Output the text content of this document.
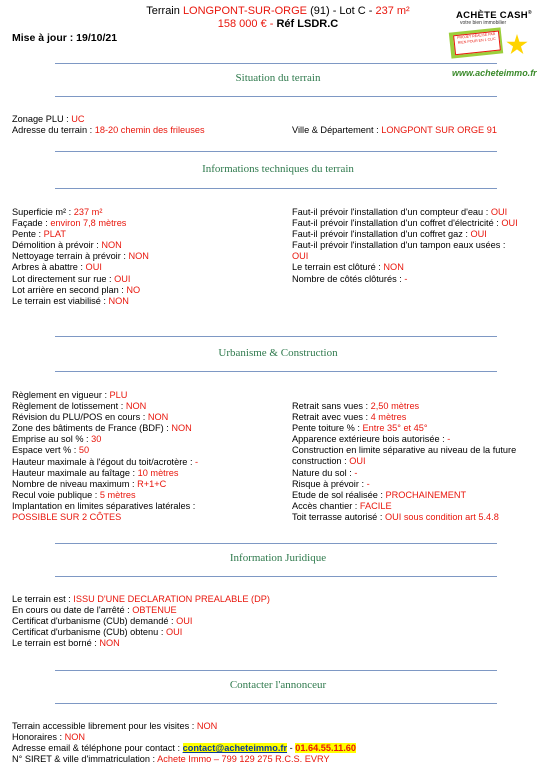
Terrain LONGPONT-SUR-ORGE (91) - Lot C - 237 m²
158 000 € - Réf LSDR.C
Mise à jour : 19/10/21
ACHÈTE CASH®
votre bien immobilier
PROJET RÉALISÉ PAR RIEN POUR EN 1 CLIC
www.acheteimmo.fr
Situation du terrain
Zonage PLU : UC
Adresse du terrain : 18-20 chemin des frileuses	Ville & Département : LONGPONT SUR ORGE 91
Informations techniques du terrain
Superficie m² : 237 m²
Façade : environ 7,8 mètres
Pente : PLAT
Démolition à prévoir : NON
Nettoyage terrain à prévoir : NON
Arbres à abattre : OUI
Lot directement sur rue : OUI
Lot arrière en second plan : NO
Le terrain est viabilisé : NON
Faut-il prévoir l'installation d'un compteur d'eau : OUI
Faut-il prévoir l'installation d'un coffret d'électricité : OUI
Faut-il prévoir l'installation d'un coffret gaz : OUI
Faut-il prévoir l'installation d'un tampon eaux usées :
OUI
Le terrain est clôturé : NON
Nombre de côtés clôturés : -
Urbanisme & Construction
Règlement en vigueur : PLU
Règlement de lotissement : NON
Révision du PLU/POS en cours : NON
Zone des bâtiments de France (BDF) : NON
Emprise au sol % : 30
Espace vert % : 50
Hauteur maximale à l'égout du toit/acrotère : -
Hauteur maximale au faîtage : 10 mètres
Nombre de niveau maximum : R+1+C
Recul voie publique : 5 mètres
Implantation en limites séparatives latérales :
POSSIBLE SUR 2 CÔTES
Retrait sans vues : 2,50 mètres
Retrait avec vues : 4 mètres
Pente toiture % : Entre 35° et 45°
Apparence extérieure bois autorisée : -
Construction en limite séparative au niveau de la future
construction : OUI
Nature du sol : -
Risque à prévoir : -
Etude de sol réalisée : PROCHAINEMENT
Accès chantier : FACILE
Toit terrasse autorisé : OUI sous condition art 5.4.8
Information Juridique
Le terrain est : ISSU D'UNE DECLARATION PREALABLE (DP)
En cours ou date de l'arrêté : OBTENUE
Certificat d'urbanisme (CUb) demandé : OUI
Certificat d'urbanisme (CUb) obtenu : OUI
Le terrain est borné : NON
Contacter l'annonceur
Terrain accessible librement pour les visites : NON
Honoraires : NON
Adresse email & téléphone pour contact : contact@acheteimmo.fr - 01.64.55.11.60
N° SIRET & ville d'immatriculation : Achete Immo – 799 129 275 R.C.S. EVRY
